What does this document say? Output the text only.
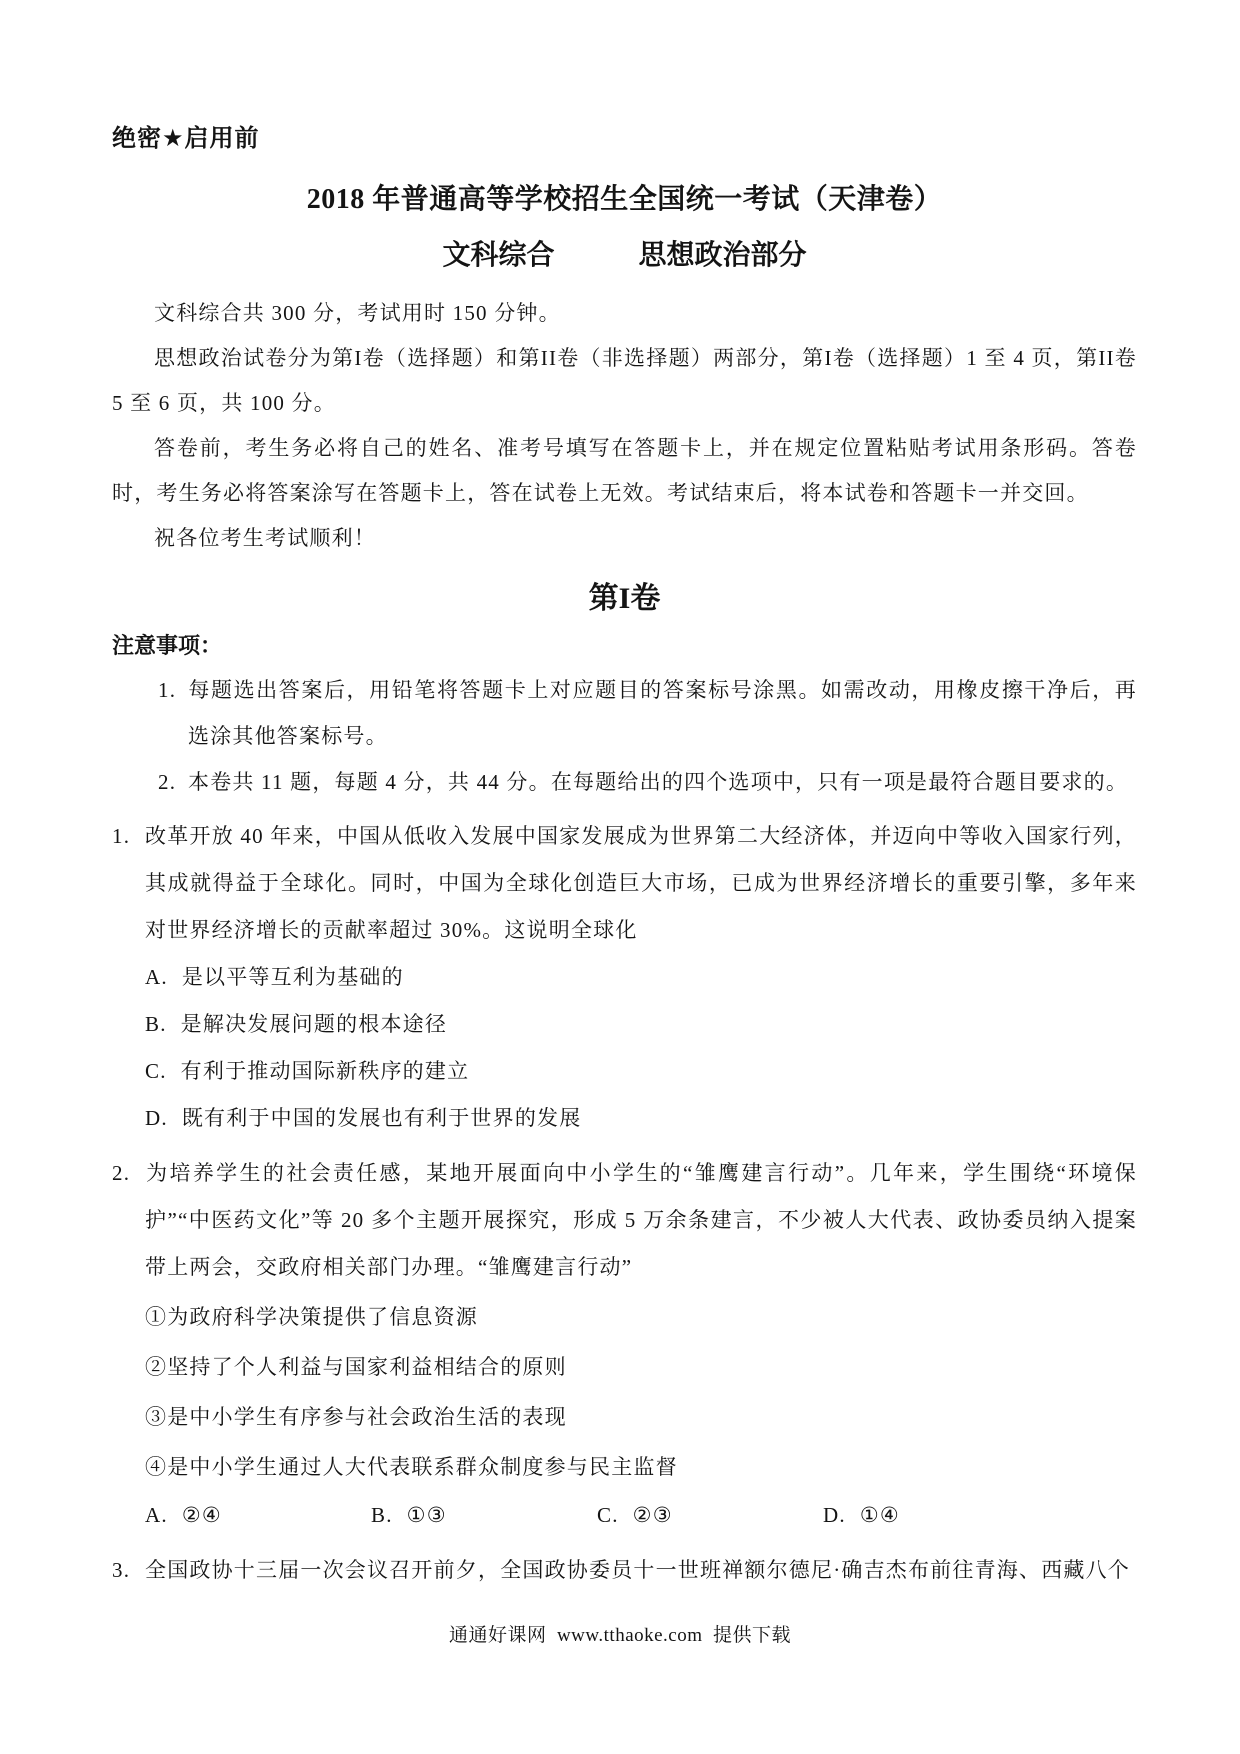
绝密★启用前
2018 年普通高等学校招生全国统一考试（天津卷）
文科综合　　　思想政治部分

文科综合共 300 分，考试用时 150 分钟。

思想政治试卷分为第I卷（选择题）和第II卷（非选择题）两部分，第I卷（选择题）1 至 4 页，第II卷 5 至 6 页，共 100 分。

答卷前，考生务必将自己的姓名、准考号填写在答题卡上，并在规定位置粘贴考试用条形码。答卷时，考生务必将答案涂写在答题卡上，答在试卷上无效。考试结束后，将本试卷和答题卡一并交回。

祝各位考生考试顺利！

第I卷
注意事项：

1. 每题选出答案后，用铅笔将答题卡上对应题目的答案标号涂黑。如需改动，用橡皮擦干净后，再选涂其他答案标号。

2. 本卷共 11 题，每题 4 分，共 44 分。在每题给出的四个选项中，只有一项是最符合题目要求的。

1. 改革开放 40 年来，中国从低收入发展中国家发展成为世界第二大经济体，并迈向中等收入国家行列，其成就得益于全球化。同时，中国为全球化创造巨大市场，已成为世界经济增长的重要引擎，多年来对世界经济增长的贡献率超过 30%。这说明全球化

A. 是以平等互利为基础的

B. 是解决发展问题的根本途径

C. 有利于推动国际新秩序的建立

D. 既有利于中国的发展也有利于世界的发展

2. 为培养学生的社会责任感，某地开展面向中小学生的“雏鹰建言行动”。几年来，学生围绕“环境保护”“中医药文化”等 20 多个主题开展探究，形成 5 万余条建言，不少被人大代表、政协委员纳入提案带上两会，交政府相关部门办理。“雏鹰建言行动”

①为政府科学决策提供了信息资源

②坚持了个人利益与国家利益相结合的原则

③是中小学生有序参与社会政治生活的表现

④是中小学生通过人大代表联系群众制度参与民主监督

A. ②④	B. ①③	C. ②③	D. ①④

3. 全国政协十三届一次会议召开前夕，全国政协委员十一世班禅额尔德尼·确吉杰布前往青海、西藏八个

通通好课网  www.tthaoke.com  提供下载
